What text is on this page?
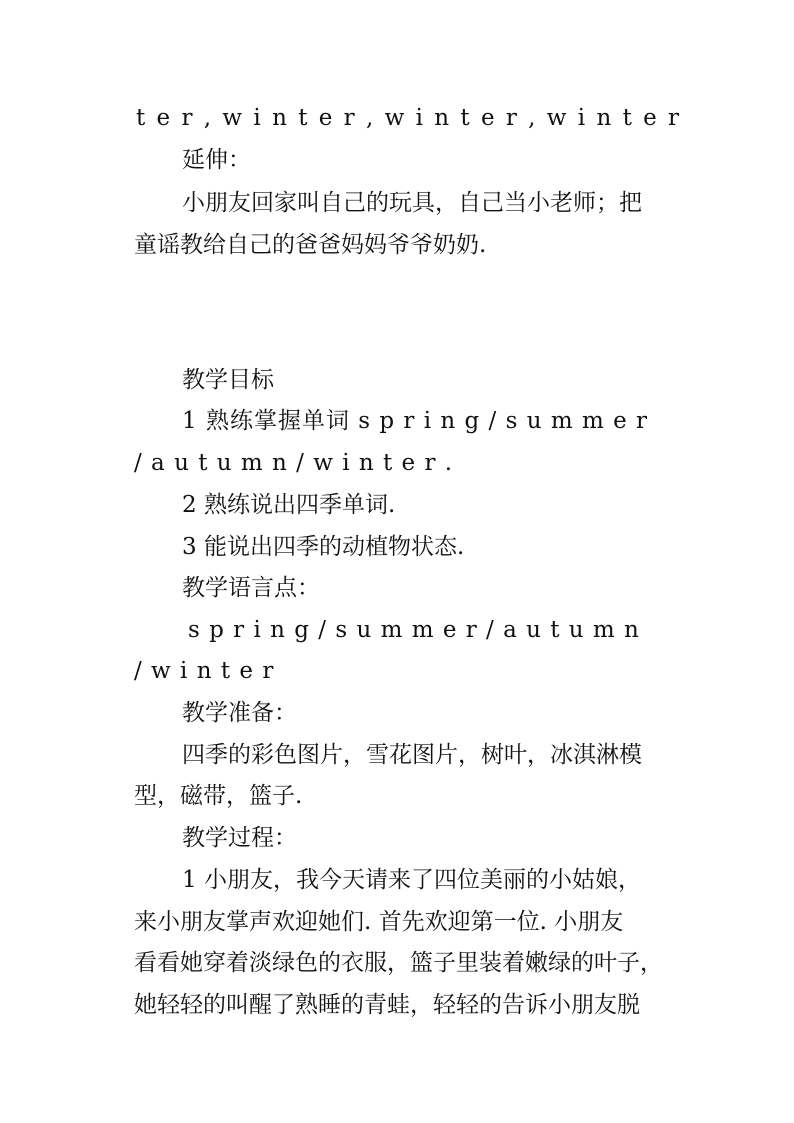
t e r , w i n t e r , w i n t e r , w i n t e r
延伸：
小朋友回家叫自己的玩具，自己当小老师；把
童谣教给自己的爸爸妈妈爷爷奶奶.
教学目标
1 熟练掌握单词 s p r i n g / s u m m e r
/ a u t u m n / w i n t e r .
2 熟练说出四季单词.
3 能说出四季的动植物状态.
教学语言点：
s p r i n g / s u m m e r / a u t u m n
/ w i n t e r
教学准备：
四季的彩色图片，雪花图片，树叶，冰淇淋模
型，磁带，篮子.
教学过程：
1 小朋友，我今天请来了四位美丽的小姑娘，
来小朋友掌声欢迎她们. 首先欢迎第一位. 小朋友
看看她穿着淡绿色的衣服，篮子里装着嫩绿的叶子，
她轻轻的叫醒了熟睡的青蛙，轻轻的告诉小朋友脱
